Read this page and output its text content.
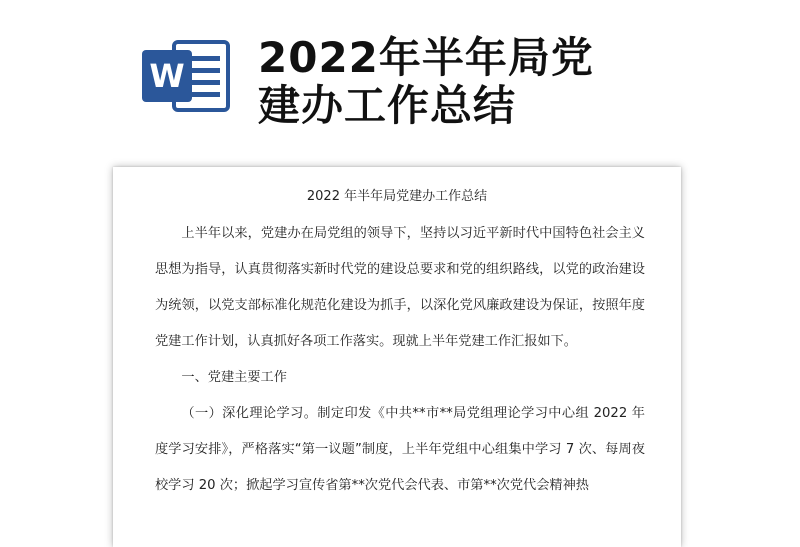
W 2022年半年局党
建办工作总结
2022 年半年局党建办工作总结

上半年以来，党建办在局党组的领导下，坚持以习近平新时代中国特色社会主义思想为指导，认真贯彻落实新时代党的建设总要求和党的组织路线，以党的政治建设为统领，以党支部标准化规范化建设为抓手，以深化党风廉政建设为保证，按照年度党建工作计划，认真抓好各项工作落实。现就上半年党建工作汇报如下。

一、党建主要工作

（一）深化理论学习。制定印发《中共**市**局党组理论学习中心组 2022 年度学习安排》，严格落实“第一议题”制度，上半年党组中心组集中学习 7 次、每周夜校学习 20 次；掀起学习宣传省第**次党代会代表、市第**次党代会精神热
